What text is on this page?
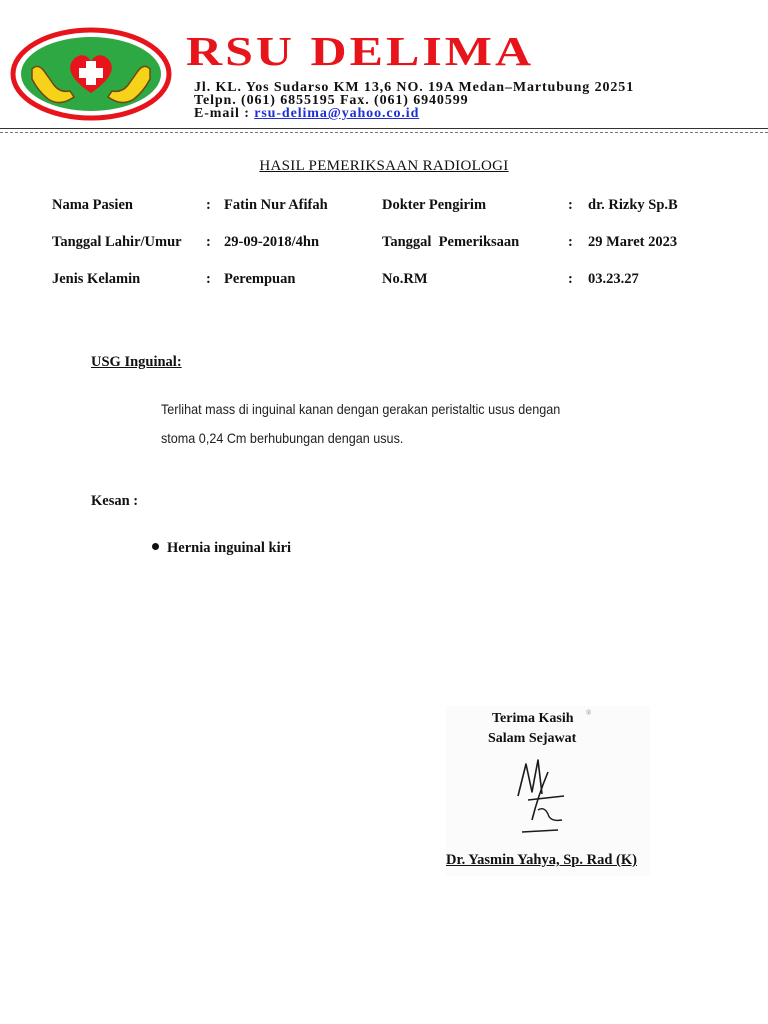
RSU DELIMA
Jl. KL. Yos Sudarso KM 13,6 NO. 19A Medan–Martubung 20251
Telpn. (061) 6855195 Fax. (061) 6940599
E-mail : rsu-delima@yahoo.co.id
HASIL PEMERIKSAAN RADIOLOGI
Nama Pasien	: Fatin Nur Afifah	Dokter Pengirim	: dr. Rizky Sp.B
Tanggal Lahir/Umur : 29-09-2018/4hn	Tanggal  Pemeriksaan	: 29 Maret 2023
Jenis Kelamin	: Perempuan	No.RM	: 03.23.27
USG Inguinal:
Terlihat mass di inguinal kanan dengan gerakan peristaltic usus dengan
stoma 0,24 Cm berhubungan dengan usus.
Kesan :
Hernia inguinal kiri
Terima Kasih ®
Salam Sejawat
Dr. Yasmin Yahya, Sp. Rad (K)
